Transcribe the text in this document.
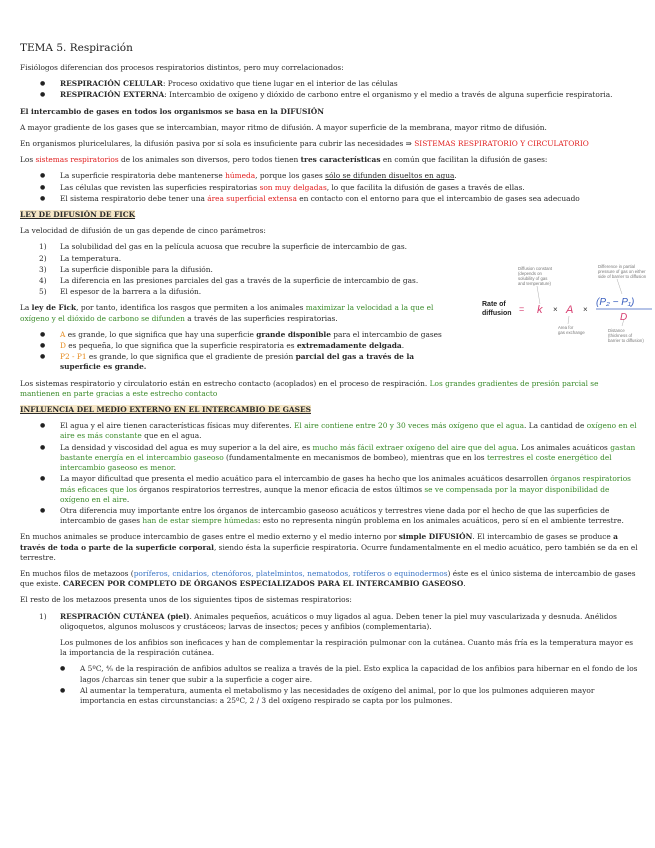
TEMA 5. Respiración

Fisiólogos diferencian dos procesos respiratorios distintos, pero muy correlacionados:

● RESPIRACIÓN CELULAR: Proceso oxidativo que tiene lugar en el interior de las células
● RESPIRACIÓN EXTERNA: Intercambio de oxígeno y dióxido de carbono entre el organismo y el medio a través de alguna superficie respiratoria.

El intercambio de gases en todos los organismos se basa en la DIFUSIÓN

A mayor gradiente de los gases que se intercambian, mayor ritmo de difusión. A mayor superficie de la membrana, mayor ritmo de difusión.

En organismos pluricelulares, la difusión pasiva por sí sola es insuficiente para cubrir las necesidades ⇒ SISTEMAS RESPIRATORIO Y CIRCULATORIO

Los sistemas respiratorios de los animales son diversos, pero todos tienen tres características en común que facilitan la difusión de gases:

● La superficie respiratoria debe mantenerse húmeda, porque los gases sólo se difunden disueltos en agua.
● Las células que revisten las superficies respiratorias son muy delgadas, lo que facilita la difusión de gases a través de ellas.
● El sistema respiratorio debe tener una área superficial extensa en contacto con el entorno para que el intercambio de gases sea adecuado

LEY DE DIFUSIÓN DE FICK

La velocidad de difusión de un gas depende de cinco parámetros:

La solubilidad del gas en la película acuosa que recubre la superficie de intercambio de gas.
La temperatura.
La superficie disponible para la difusión.
La diferencia en las presiones parciales del gas a través de la superficie de intercambio de gas.
El espesor de la barrera a la difusión.

La ley de Fick, por tanto, identifica los rasgos que permiten a los animales maximizar la velocidad a la que el oxígeno y el dióxido de carbono se difunden a través de las superficies respiratorias.

● A es grande, lo que significa que hay una superficie grande disponible para el intercambio de gases
● D es pequeña, lo que significa que la superficie respiratoria es extremadamente delgada.
● P2 - P1 es grande, lo que significa que el gradiente de presión parcial del gas a través de la superficie es grande.
Diffusion constant
(depends on
solubility of gas
and temperature)
Difference in partial
pressure of gas on either
side of barrier to diffusion
Area for
gas exchange	Distance
(thickness of
barrier to diffusion)
Rate of
diffusion = k × A ×
(P₂ − P₁)
D

Los sistemas respiratorio y circulatorio están en estrecho contacto (acoplados) en el proceso de respiración. Los grandes gradientes de presión parcial se mantienen en parte gracias a este estrecho contacto

INFLUENCIA DEL MEDIO EXTERNO EN EL INTERCAMBIO DE GASES

● El agua y el aire tienen características físicas muy diferentes. El aire contiene entre 20 y 30 veces más oxígeno que el agua. La cantidad de oxígeno en el aire es más constante que en el agua.
● La densidad y viscosidad del agua es muy superior a la del aire, es mucho más fácil extraer oxígeno del aire que del agua. Los animales acuáticos gastan bastante energía en el intercambio gaseoso (fundamentalmente en mecanismos de bombeo), mientras que en los terrestres el coste energético del intercambio gaseoso es menor.
● La mayor dificultad que presenta el medio acuático para el intercambio de gases ha hecho que los animales acuáticos desarrollen órganos respiratorios más eficaces que los órganos respiratorios terrestres, aunque la menor eficacia de estos últimos se ve compensada por la mayor disponibilidad de oxígeno en el aire.
● Otra diferencia muy importante entre los órganos de intercambio gaseoso acuáticos y terrestres viene dada por el hecho de que las superficies de intercambio de gases han de estar siempre húmedas: esto no representa ningún problema en los animales acuáticos, pero sí en el ambiente terrestre.

En muchos animales se produce intercambio de gases entre el medio externo y el medio interno por simple DIFUSIÓN. El intercambio de gases se produce a través de toda o parte de la superficie corporal, siendo ésta la superficie respiratoria. Ocurre fundamentalmente en el medio acuático, pero también se da en el terrestre.

En muchos filos de metazoos (poríferos, cnidarios, ctenóforos, platelmintos, nematodos, rotíferos o equinodermos) éste es el único sistema de intercambio de gases que existe. CARECEN POR COMPLETO DE ÓRGANOS ESPECIALIZADOS PARA EL INTERCAMBIO GASEOSO.

El resto de los metazoos presenta unos de los siguientes tipos de sistemas respiratorios:

RESPIRACIÓN CUTÁNEA (piel). Animales pequeños, acuáticos o muy ligados al agua. Deben tener la piel muy vascularizada y desnuda. Anélidos oligoquetos, algunos moluscos y crustáceos; larvas de insectos; peces y anfibios (complementaria).

Los pulmones de los anfibios son ineficaces y han de complementar la respiración pulmonar con la cutánea. Cuanto más fría es la temperatura mayor es la importancia de la respiración cutánea.

● A 5ºC, ⅘ de la respiración de anfibios adultos se realiza a través de la piel. Esto explica la capacidad de los anfibios para hibernar en el fondo de los lagos /charcas sin tener que subir a la superficie a coger aire.
● Al aumentar la temperatura, aumenta el metabolismo y las necesidades de oxígeno del animal, por lo que los pulmones adquieren mayor importancia en estas circunstancias: a 25ºC, 2 / 3 del oxígeno respirado se capta por los pulmones.
